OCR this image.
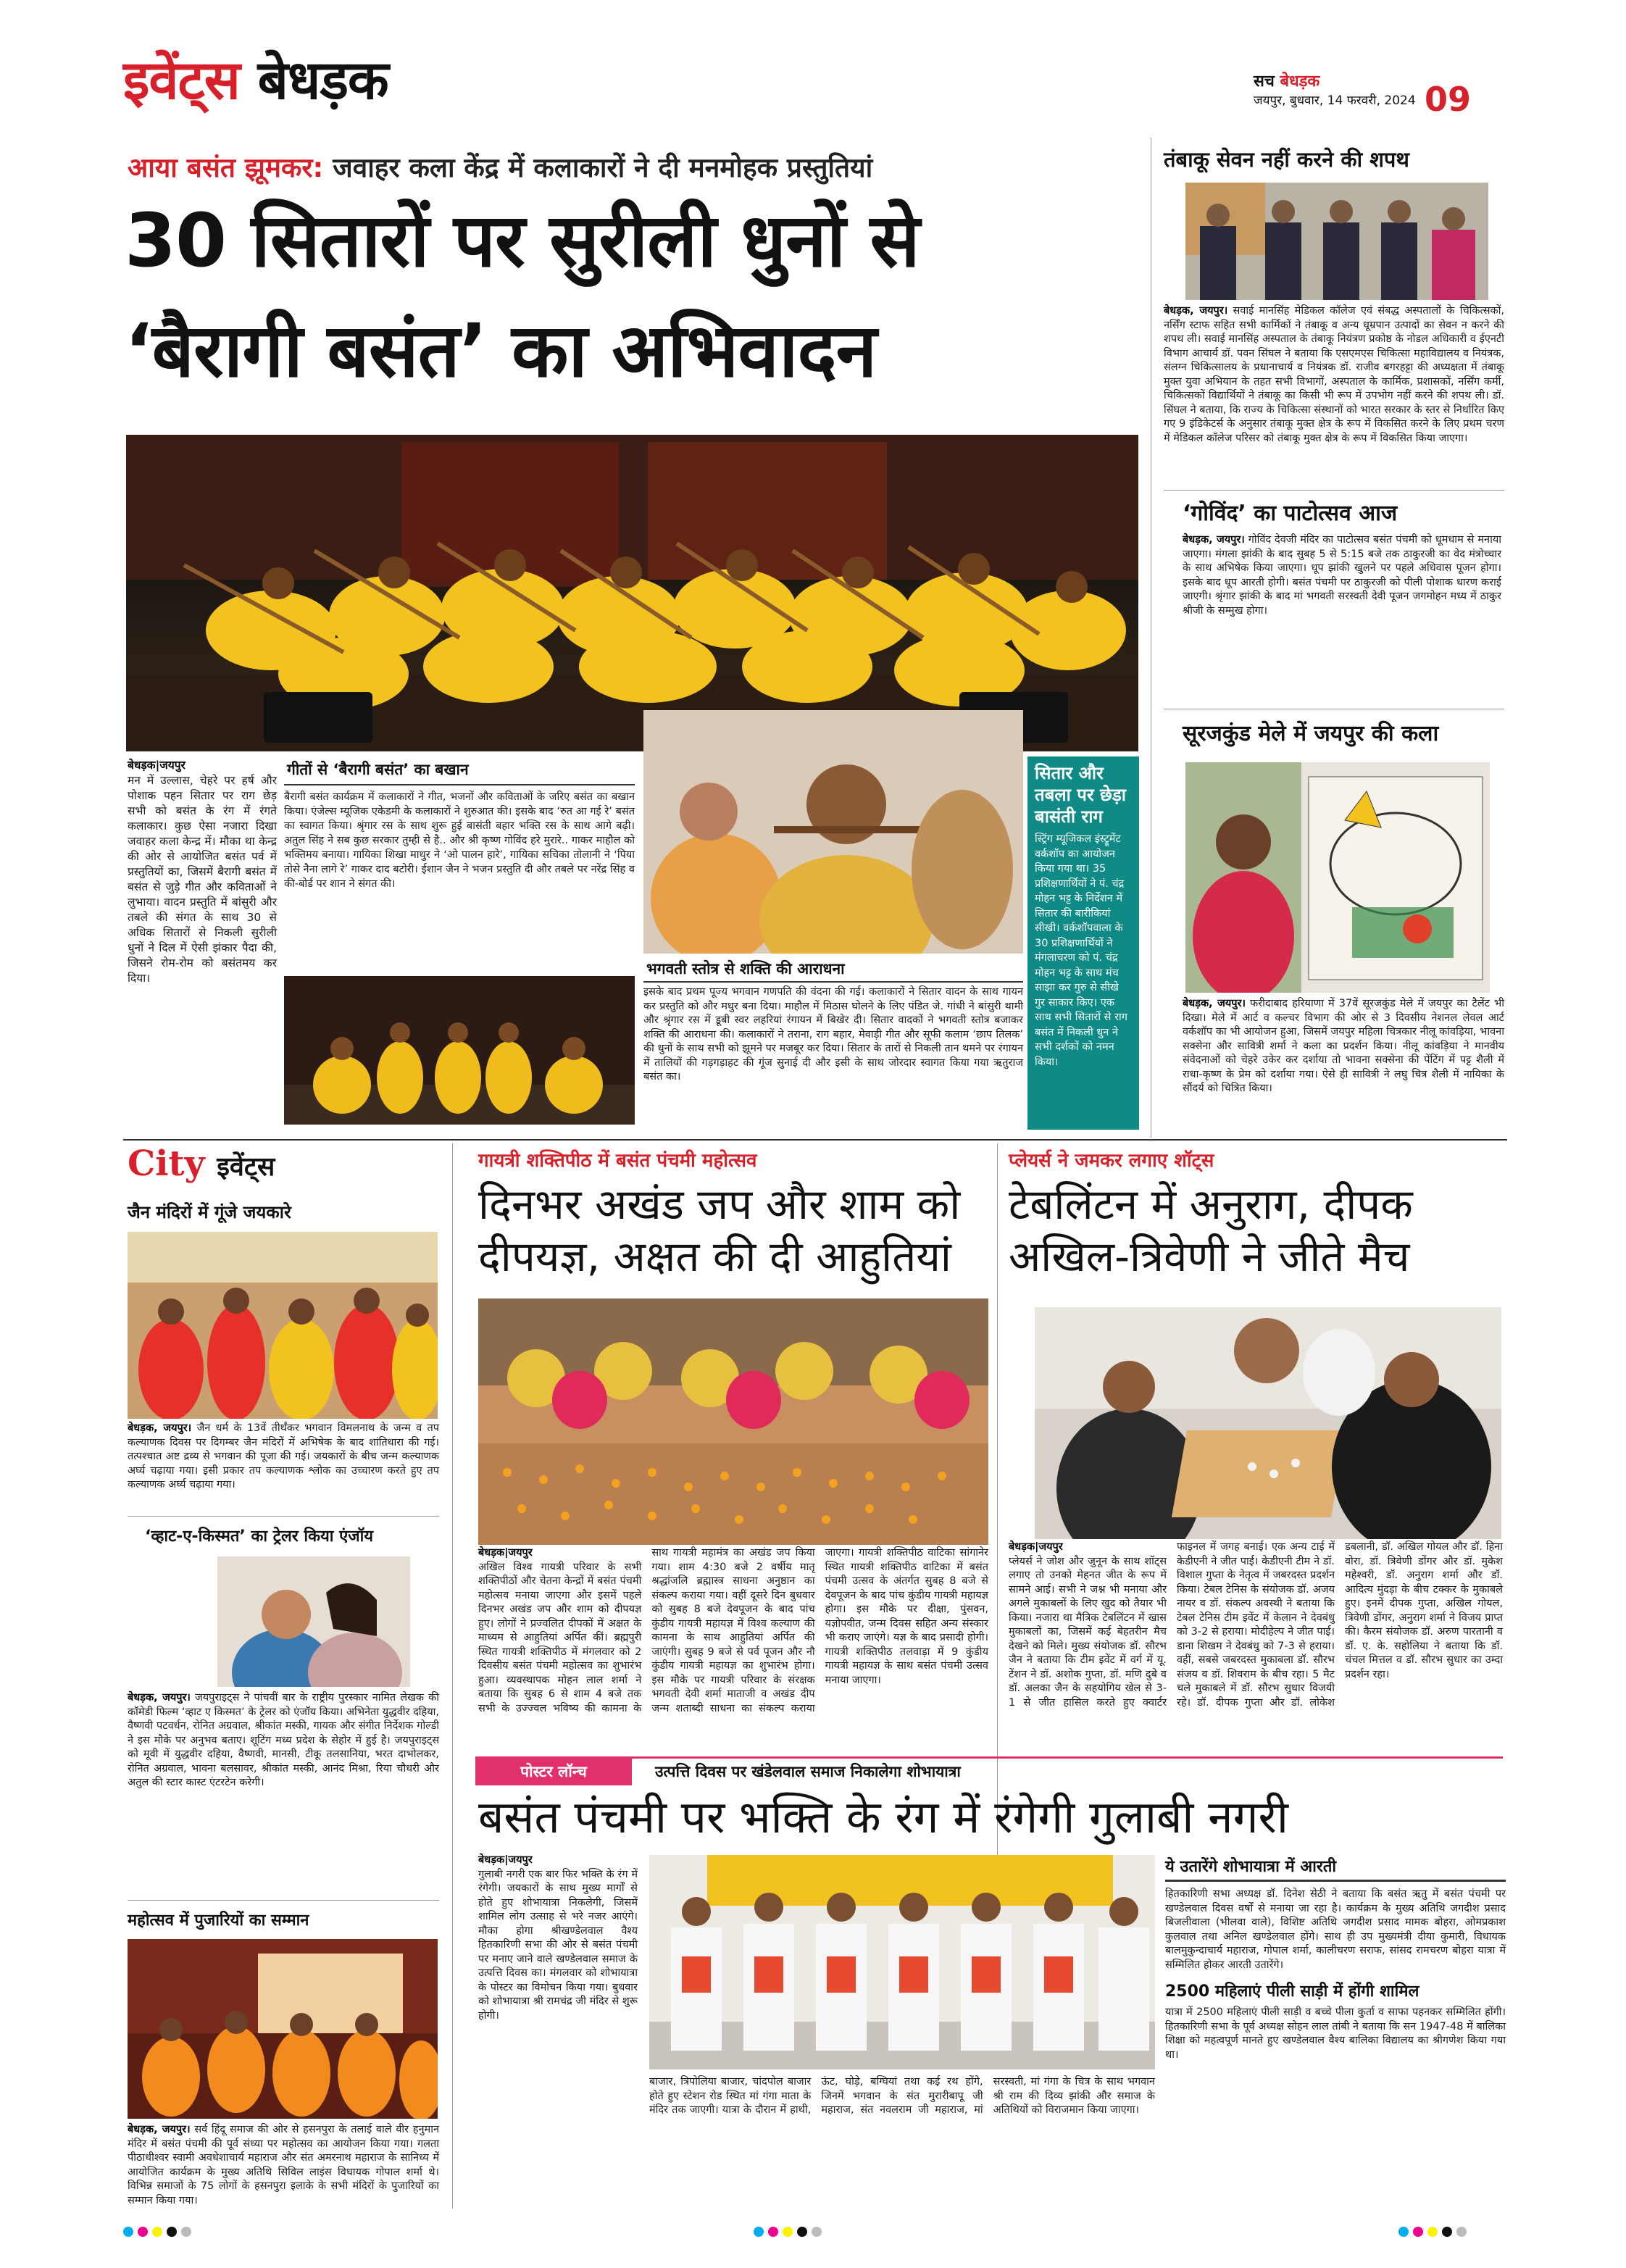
इवेंट्स बेधड़क	सच बेधड़क
जयपुर, बुधवार, 14 फरवरी, 2024 09
आया बसंत झूमकर: जवाहर कला केंद्र में कलाकारों ने दी मनमोहक प्रस्तुतियां
30 सितारों पर सुरीली धुनों से
‘बैरागी बसंत’ का अभिवादन
बेधड़क|जयपुर
मन में उल्लास, चेहरे पर हर्ष और पोशाक पहन सितार पर राग छेड़ सभी को बसंत के रंग में रंगते कलाकार। कुछ ऐसा नजारा दिखा जवाहर कला केन्द्र में। मौका था केन्द्र की ओर से आयोजित बसंत पर्व में प्रस्तुतियों का, जिसमें बैरागी बसंत में बसंत से जुड़े गीत और कविताओं ने लुभाया। वादन प्रस्तुति में बांसुरी और तबले की संगत के साथ 30 से अधिक सितारों से निकली सुरीली धुनों ने दिल में ऐसी झंकार पैदा की, जिसने रोम-रोम को बसंतमय कर दिया।
गीतों से ‘बैरागी बसंत’ का बखान
बैरागी बसंत कार्यक्रम में कलाकारों ने गीत, भजनों और कविताओं के जरिए बसंत का बखान किया। एंजेल्स म्यूजिक एकेडमी के कलाकारों ने शुरुआत की। इसके बाद ‘रुत आ गई रे’ बसंत का स्वागत किया। श्रृंगार रस के साथ शुरू हुई बासंती बहार भक्ति रस के साथ आगे बढ़ी। अतुल सिंह ने सब कुछ सरकार तुम्ही से है.. और श्री कृष्ण गोविंद हरे मुरारे.. गाकर माहौल को भक्तिमय बनाया। गायिका शिखा माथुर ने ‘ओ पालन हारे’, गायिका सचिका तोलानी ने ‘पिया तोसे नैना लागे रे’ गाकर दाद बटोरी। ईशान जैन ने भजन प्रस्तुति दी और तबले पर नरेंद्र सिंह व की-बोर्ड पर शान ने संगत की।
भगवती स्तोत्र से शक्ति की आराधना
इसके बाद प्रथम पूज्य भगवान गणपति की वंदना की गई। कलाकारों ने सितार वादन के साथ गायन कर प्रस्तुति को और मधुर बना दिया। माहौल में मिठास घोलने के लिए पंडित जे. गांधी ने बांसुरी थामी और श्रृंगार रस में डूबी स्वर लहरियां रंगायन में बिखेर दी। सितार वादकों ने भगवती स्तोत्र बजाकर शक्ति की आराधना की। कलाकारों ने तराना, राग बहार, मेवाड़ी गीत और सूफी कलाम ‘छाप तिलक’ की धुनों के साथ सभी को झूमने पर मजबूर कर दिया। सितार के तारों से निकली तान थमने पर रंगायन में तालियों की गड़गड़ाहट की गूंज सुनाई दी और इसी के साथ जोरदार स्वागत किया गया ऋतुराज बसंत का।
सितार और तबला पर छेड़ा बासंती राग
स्ट्रिंग म्यूजिकल इंस्ट्रूमेंट वर्कशॉप का आयोजन किया गया था। 35 प्रशिक्षणार्थियों ने पं. चंद्र मोहन भट्ट के निर्देशन में सितार की बारीकियां सीखी। वर्कशॉपवाला के 30 प्रशिक्षणार्थियों ने मंगलाचरण को पं. चंद्र मोहन भट्ट के साथ मंच साझा कर गुरु से सीखे गुर साकार किए। एक साथ सभी सितारों से राग बसंत में निकली धुन ने सभी दर्शकों को नमन किया।
तंबाकू सेवन नहीं करने की शपथ
बेधड़क, जयपुर। सवाई मानसिंह मेडिकल कॉलेज एवं संबद्ध अस्पतालों के चिकित्सकों, नर्सिंग स्टाफ सहित सभी कार्मिकों ने तंबाकू व अन्य धूम्रपान उत्पादों का सेवन न करने की शपथ ली। सवाई मानसिंह अस्पताल के तंबाकू नियंत्रण प्रकोष्ठ के नोडल अधिकारी व ईएनटी विभाग आचार्य डॉ. पवन सिंघल ने बताया कि एसएमएस चिकित्सा महाविद्यालय व नियंत्रक, संलग्न चिकित्सालय के प्रधानाचार्य व नियंत्रक डॉ. राजीव बगरहट्टा की अध्यक्षता में तंबाकू मुक्त युवा अभियान के तहत सभी विभागों, अस्पताल के कार्मिक, प्रशासकों, नर्सिंग कर्मी, चिकित्सकों विद्यार्थियों ने तंबाकू का किसी भी रूप में उपभोग नहीं करने की शपथ ली। डॉ. सिंघल ने बताया, कि राज्य के चिकित्सा संस्थानों को भारत सरकार के स्तर से निर्धारित किए गए 9 इंडिकेटर्स के अनुसार तंबाकू मुक्त क्षेत्र के रूप में विकसित करने के लिए प्रथम चरण में मेडिकल कॉलेज परिसर को तंबाकू मुक्त क्षेत्र के रूप में विकसित किया जाएगा।
‘गोविंद’ का पाटोत्सव आज
बेधड़क, जयपुर। गोविंद देवजी मंदिर का पाटोत्सव बसंत पंचमी को धूमधाम से मनाया जाएगा। मंगला झांकी के बाद सुबह 5 से 5:15 बजे तक ठाकुरजी का वेद मंत्रोच्चार के साथ अभिषेक किया जाएगा। धूप झांकी खुलने पर पहले अधिवास पूजन होगा। इसके बाद धूप आरती होगी। बसंत पंचमी पर ठाकुरजी को पीली पोशाक धारण कराई जाएगी। श्रृंगार झांकी के बाद मां भगवती सरस्वती देवी पूजन जगमोहन मध्य में ठाकुर श्रीजी के सम्मुख होगा।
सूरजकुंड मेले में जयपुर की कला
बेधड़क, जयपुर। फरीदाबाद हरियाणा में 37वें सूरजकुंड मेले में जयपुर का टैलेंट भी दिखा। मेले में आर्ट व कल्चर विभाग की ओर से 3 दिवसीय नेशनल लेवल आर्ट वर्कशॉप का भी आयोजन हुआ, जिसमें जयपुर महिला चित्रकार नीलू कांवड़िया, भावना सक्सेना और सावित्री शर्मा ने कला का प्रदर्शन किया। नीलू कांवड़िया ने मानवीय संवेदनाओं को चेहरे उकेर कर दर्शाया तो भावना सक्सेना की पेंटिंग में पट्ट शैली में राधा-कृष्ण के प्रेम को दर्शाया गया। ऐसे ही सावित्री ने लघु चित्र शैली में नायिका के सौंदर्य को चित्रित किया।
City इवेंट्स
जैन मंदिरों में गूंजे जयकारे
बेधड़क, जयपुर। जैन धर्म के 13वें तीर्थंकर भगवान विमलनाथ के जन्म व तप कल्याणक दिवस पर दिगम्बर जैन मंदिरों में अभिषेक के बाद शांतिधारा की गई। तत्पश्चात अष्ट द्रव्य से भगवान की पूजा की गई। जयकारों के बीच जन्म कल्याणक अर्घ्य चढ़ाया गया। इसी प्रकार तप कल्याणक श्लोक का उच्चारण करते हुए तप कल्याणक अर्घ्य चढ़ाया गया।
‘व्हाट-ए-किस्मत’ का ट्रेलर किया एंजॉय
बेधड़क, जयपुर। जयपुराइट्स ने पांचवीं बार के राष्ट्रीय पुरस्कार नामित लेखक की कॉमेडी फिल्म ‘व्हाट ए किस्मत’ के ट्रेलर को एंजॉय किया। अभिनेता युद्धवीर दहिया, वैष्णवी पटवर्धन, रोनित अग्रवाल, श्रीकांत मस्की, गायक और संगीत निर्देशक गोल्डी ने इस मौके पर अनुभव बताए। शूटिंग मध्य प्रदेश के सेहोर में हुई है। जयपुराइट्स को मूवी में युद्धवीर दहिया, वैष्णवी, मानसी, टीकू तलसानिया, भरत दाभोलकर, रोनित अग्रवाल, भावना बलसावर, श्रीकांत मस्की, आनंद मिश्रा, रिया चौधरी और अतुल की स्टार कास्ट एंटरटेन करेगी।
महोत्सव में पुजारियों का सम्मान
बेधड़क, जयपुर। सर्व हिंदू समाज की ओर से हसनपुरा के तलाई वाले वीर हनुमान मंदिर में बसंत पंचमी की पूर्व संध्या पर महोत्सव का आयोजन किया गया। गलता पीठाधीश्वर स्वामी अवधेशाचार्य महाराज और संत अमरनाथ महाराज के सानिध्य में आयोजित कार्यक्रम के मुख्य अतिथि सिविल लाइंस विधायक गोपाल शर्मा थे। विभिन्न समाजों के 75 लोगों के हसनपुरा इलाके के सभी मंदिरों के पुजारियों का सम्मान किया गया।
गायत्री शक्तिपीठ में बसंत पंचमी महोत्सव
दिनभर अखंड जप और शाम को दीपयज्ञ, अक्षत की दी आहुतियां
बेधड़क|जयपुर
अखिल विश्व गायत्री परिवार के सभी शक्तिपीठों और चेतना केन्द्रों में बसंत पंचमी महोत्सव मनाया जाएगा और इसमें पहले दिनभर अखंड जप और शाम को दीपयज्ञ हुए। लोगों ने प्रज्वलित दीपकों में अक्षत के माध्यम से आहुतियां अर्पित कीं। ब्रह्मपुरी स्थित गायत्री शक्तिपीठ में मंगलवार को 2 दिवसीय बसंत पंचमी महोत्सव का शुभारंभ हुआ। व्यवस्थापक मोहन लाल शर्मा ने बताया कि सुबह 6 से शाम 4 बजे तक सभी के उज्ज्वल भविष्य की कामना के साथ गायत्री महामंत्र का अखंड जप किया गया। शाम 4:30 बजे 2 वर्षीय मातृ श्रद्धांजलि ब्रह्मास्त्र साधना अनुष्ठान का संकल्प कराया गया। वहीं दूसरे दिन बुधवार को सुबह 8 बजे देवपूजन के बाद पांच कुंडीय गायत्री महायज्ञ में विश्व कल्याण की कामना के साथ आहुतियां अर्पित की जाएंगी। सुबह 9 बजे से पर्व पूजन और नौ कुंडीय गायत्री महायज्ञ का शुभारंभ होगा। इस मौके पर गायत्री परिवार के संरक्षक भगवती देवी शर्मा माताजी व अखंड दीप जन्म शताब्दी साधना का संकल्प कराया जाएगा। गायत्री शक्तिपीठ वाटिका सांगानेर स्थित गायत्री शक्तिपीठ वाटिका में बसंत पंचमी उत्सव के अंतर्गत सुबह 8 बजे से देवपूजन के बाद पांच कुंडीय गायत्री महायज्ञ होगा। इस मौके पर दीक्षा, पुंसवन, यज्ञोपवीत, जन्म दिवस सहित अन्य संस्कार भी कराए जाएंगे। यज्ञ के बाद प्रसादी होगी। गायत्री शक्तिपीठ तलवाड़ा में 9 कुंडीय गायत्री महायज्ञ के साथ बसंत पंचमी उत्सव मनाया जाएगा।
प्लेयर्स ने जमकर लगाए शॉट्स
टेबलिंटन में अनुराग, दीपक अखिल-त्रिवेणी ने जीते मैच
बेधड़क|जयपुर
प्लेयर्स ने जोश और जुनून के साथ शॉट्स लगाए तो उनको मेहनत जीत के रूप में सामने आई। सभी ने जश्न भी मनाया और अगले मुकाबलों के लिए खुद को तैयार भी किया। नजारा था मैत्रिक टेबलिंटन में खास मुकाबलों का, जिसमें कई बेहतरीन मैच देखने को मिले। मुख्य संयोजक डॉ. सौरभ जैन ने बताया कि टीम इवेंट में वर्ग में यू. टेंशन ने डॉ. अशोक गुप्ता, डॉ. मणि दुबे व डॉ. अलका जैन के सहयोगिय खेल से 3-1 से जीत हासिल करते हुए क्वार्टर फाइनल में जगह बनाई। एक अन्य टाई में केडीएनी ने जीत पाई। केडीएनी टीम ने डॉ. विशाल गुप्ता के नेतृत्व में जबरदस्त प्रदर्शन किया। टेबल टेनिस के संयोजक डॉ. अजय नायर व डॉ. संकल्प अवस्थी ने बताया कि टेबल टेनिस टीम इवेंट में केलान ने देवबंधु को 3-2 से हराया। मोदीहेल्प ने जीत पाई। डाना शिखम ने देवबंधु को 7-3 से हराया। वहीं, सबसे जबरदस्त मुकाबला डॉ. सौरभ संजय व डॉ. शिवराम के बीच रहा। 5 मैट चले मुकाबले में डॉ. सौरभ सुधार विजयी रहे। डॉ. दीपक गुप्ता और डॉ. लोकेश डबलानी, डॉ. अखिल गोयल और डॉ. हिना वोरा, डॉ. त्रिवेणी डोंगर और डॉ. मुकेश महेश्वरी, डॉ. अनुराग शर्मा और डॉ. आदित्य मुंदड़ा के बीच टक्कर के मुकाबले हुए। इनमें दीपक गुप्ता, अखिल गोयल, त्रिवेणी डोंगर, अनुराग शर्मा ने विजय प्राप्त की। कैरम संयोजक डॉ. अरुण पारतानी व डॉ. ए. के. सहोलिया ने बताया कि डॉ. चंचल मित्तल व डॉ. सौरभ सुधार का उम्दा प्रदर्शन रहा।
पोस्टर लॉन्च	उत्पत्ति दिवस पर खंडेलवाल समाज निकालेगा शोभायात्रा
बसंत पंचमी पर भक्ति के रंग में रंगेगी गुलाबी नगरी
बेधड़क|जयपुर
गुलाबी नगरी एक बार फिर भक्ति के रंग में रंगेगी। जयकारों के साथ मुख्य मार्गों से होते हुए शोभायात्रा निकलेगी, जिसमें शामिल लोग उत्साह से भरे नजर आएंगे। मौका होगा श्रीखण्डेलवाल वैश्य हितकारिणी सभा की ओर से बसंत पंचमी पर मनाए जाने वाले खण्डेलवाल समाज के उत्पत्ति दिवस का। मंगलवार को शोभायात्रा के पोस्टर का विमोचन किया गया। बुधवार को शोभायात्रा श्री रामचंद्र जी मंदिर से शुरू होगी।
बाजार, त्रिपोलिया बाजार, चांदपोल बाजार होते हुए स्टेशन रोड स्थित मां गंगा माता के मंदिर तक जाएगी। यात्रा के दौरान में हाथी, ऊंट, घोड़े, बग्घियां तथा कई रथ होंगे, जिनमें भगवान के संत मुरारीबापू जी महाराज, संत नवलराम जी महाराज, मां सरस्वती, मां गंगा के चित्र के साथ भगवान श्री राम की दिव्य झांकी और समाज के अतिथियों को विराजमान किया जाएगा।
ये उतारेंगे शोभायात्रा में आरती
हितकारिणी सभा अध्यक्ष डॉ. दिनेश सेठी ने बताया कि बसंत ऋतु में बसंत पंचमी पर खण्डेलवाल दिवस वर्षों से मनाया जा रहा है। कार्यक्रम के मुख्य अतिथि जगदीश प्रसाद बिजलीवाला (भीलवा वाले), विशिष्ट अतिथि जगदीश प्रसाद मामक बोहरा, ओमप्रकाश कुलवाल तथा अनिल खण्डेलवाल होंगे। साथ ही उप मुख्यमंत्री दीया कुमारी, विधायक बालमुकुन्दाचार्य महाराज, गोपाल शर्मा, कालीचरण सराफ, सांसद रामचरण बोहरा यात्रा में सम्मिलित होकर आरती उतारेंगे।
2500 महिलाएं पीली साड़ी में होंगी शामिल
यात्रा में 2500 महिलाएं पीली साड़ी व बच्चे पीला कुर्ता व साफा पहनकर सम्मिलित होंगी। हितकारिणी सभा के पूर्व अध्यक्ष सोहन लाल तांबी ने बताया कि सन 1947-48 में बालिका शिक्षा को महत्वपूर्ण मानते हुए खण्डेलवाल वैश्य बालिका विद्यालय का श्रीगणेश किया गया था।
